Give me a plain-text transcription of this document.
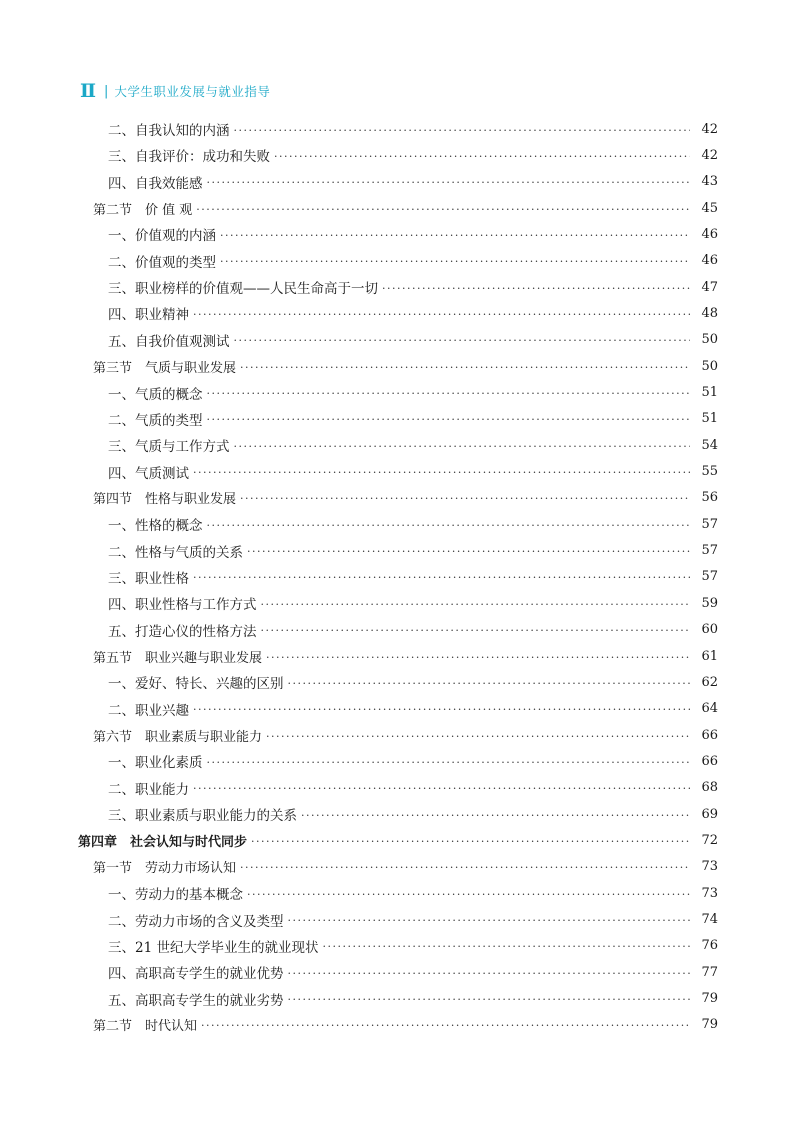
Ⅱ | 大学生职业发展与就业指导
二、自我认知的内涵 ·····	42
三、自我评价：成功和失败 ·····	42
四、自我效能感 ·····	43
第二节　价 值 观 ·····	45
一、价值观的内涵 ·····	46
二、价值观的类型 ·····	46
三、职业榜样的价值观——人民生命高于一切 ·····	47
四、职业精神 ·····	48
五、自我价值观测试 ·····	50
第三节　气质与职业发展 ·····	50
一、气质的概念 ·····	51
二、气质的类型 ·····	51
三、气质与工作方式 ·····	54
四、气质测试 ·····	55
第四节　性格与职业发展 ·····	56
一、性格的概念 ·····	57
二、性格与气质的关系 ·····	57
三、职业性格 ·····	57
四、职业性格与工作方式 ·····	59
五、打造心仪的性格方法 ·····	60
第五节　职业兴趣与职业发展 ·····	61
一、爱好、特长、兴趣的区别 ·····	62
二、职业兴趣 ·····	64
第六节　职业素质与职业能力 ·····	66
一、职业化素质 ·····	66
二、职业能力 ·····	68
三、职业素质与职业能力的关系 ·····	69
第四章　社会认知与时代同步 ·····	72
第一节　劳动力市场认知 ·····	73
一、劳动力的基本概念 ·····	73
二、劳动力市场的含义及类型 ·····	74
三、21 世纪大学毕业生的就业现状 ·····	76
四、高职高专学生的就业优势 ·····	77
五、高职高专学生的就业劣势 ·····	79
第二节　时代认知 ·····	79
